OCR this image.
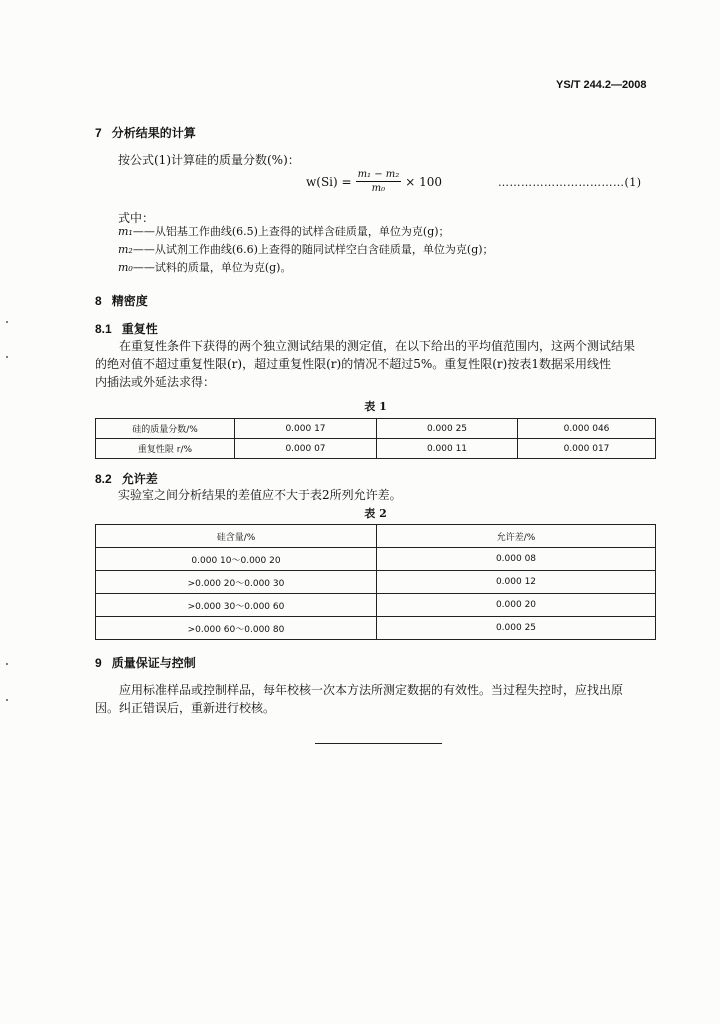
YS/T 244.2—2008
7 分析结果的计算
按公式(1)计算硅的质量分数(%)：
$w(Si) = \frac{\text{m₁ − m₂}}{\text{m₀}} \times 100$	……………………………(1)
式中：
m₁——从铝基工作曲线(6.5)上查得的试样含硅质量，单位为克(g)；
m₂——从试剂工作曲线(6.6)上查得的随同试样空白含硅质量，单位为克(g)；
m₀——试料的质量，单位为克(g)。
8 精密度
8.1 重复性
在重复性条件下获得的两个独立测试结果的测定值，在以下给出的平均值范围内，这两个测试结果
的绝对值不超过重复性限(r)，超过重复性限(r)的情况不超过5%。重复性限(r)按表1数据采用线性
内插法或外延法求得：
表 1
硅的质量分数/%	0.000 17	0.000 25	0.000 046
重复性限 r/%	0.000 07	0.000 11	0.000 017
8.2 允许差
实验室之间分析结果的差值应不大于表2所列允许差。
表 2
硅含量/%	允许差/%
0.000 10～0.000 20	0.000 08
>0.000 20～0.000 30	0.000 12
>0.000 30～0.000 60	0.000 20
>0.000 60～0.000 80	0.000 25
9 质量保证与控制
应用标准样品或控制样品，每年校核一次本方法所测定数据的有效性。当过程失控时，应找出原
因。纠正错误后，重新进行校核。
